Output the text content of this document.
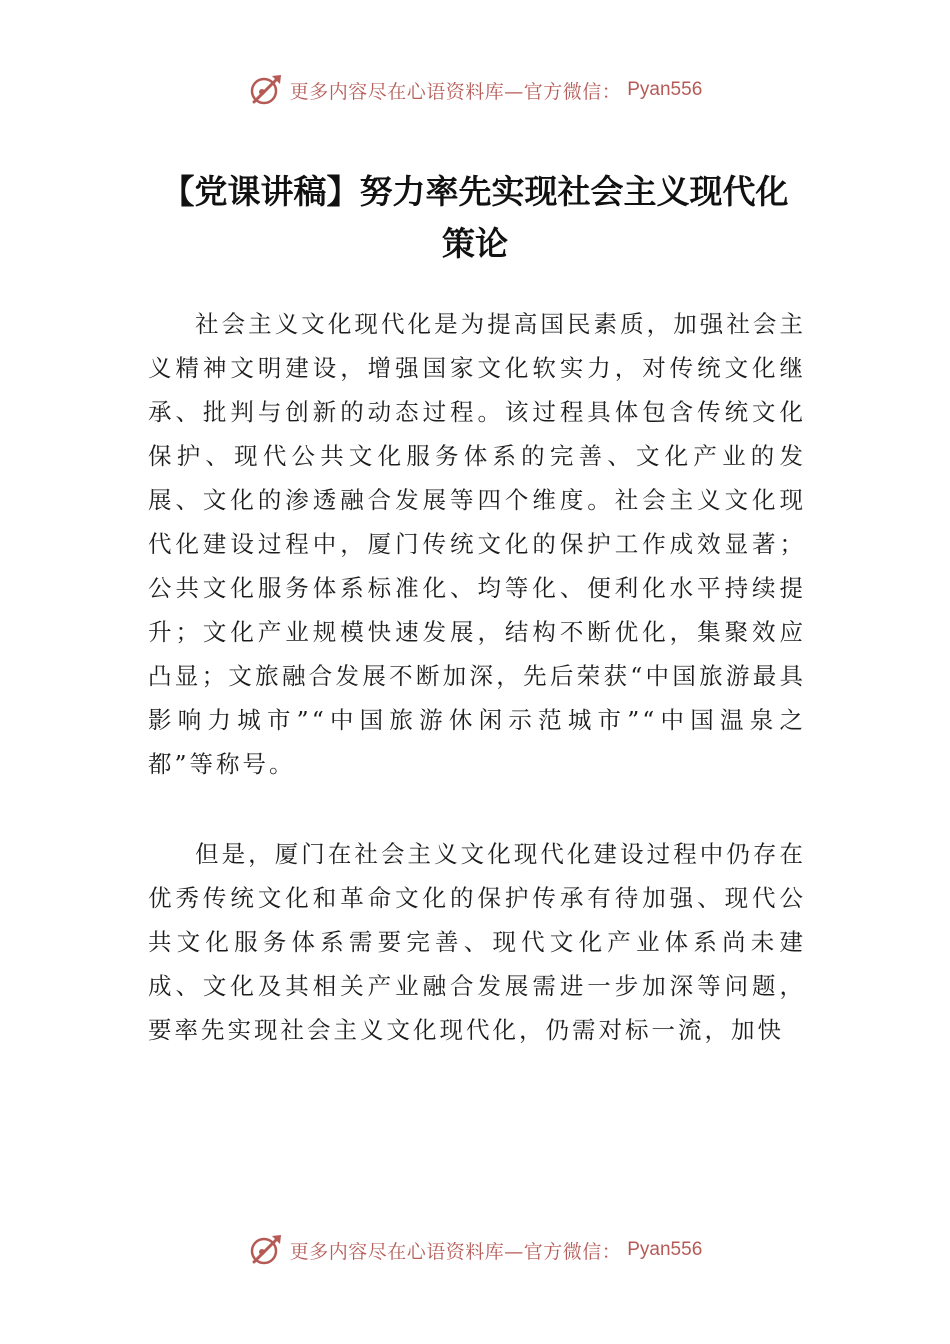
更多内容尽在心语资料库—官方微信： Pyan556
【党课讲稿】努力率先实现社会主义现代化
策论

社会主义文化现代化是为提高国民素质，加强社会主义精神文明建设，增强国家文化软实力，对传统文化继承、批判与创新的动态过程。该过程具体包含传统文化保护、现代公共文化服务体系的完善、文化产业的发展、文化的渗透融合发展等四个维度。社会主义文化现代化建设过程中，厦门传统文化的保护工作成效显著；公共文化服务体系标准化、均等化、便利化水平持续提升；文化产业规模快速发展，结构不断优化，集聚效应凸显；文旅融合发展不断加深，先后荣获“中国旅游最具影响力城市”“中国旅游休闲示范城市”“中国温泉之都”等称号。

但是，厦门在社会主义文化现代化建设过程中仍存在优秀传统文化和革命文化的保护传承有待加强、现代公共文化服务体系需要完善、现代文化产业体系尚未建成、文化及其相关产业融合发展需进一步加深等问题，要率先实现社会主义文化现代化，仍需对标一流，加快

更多内容尽在心语资料库—官方微信： Pyan556
